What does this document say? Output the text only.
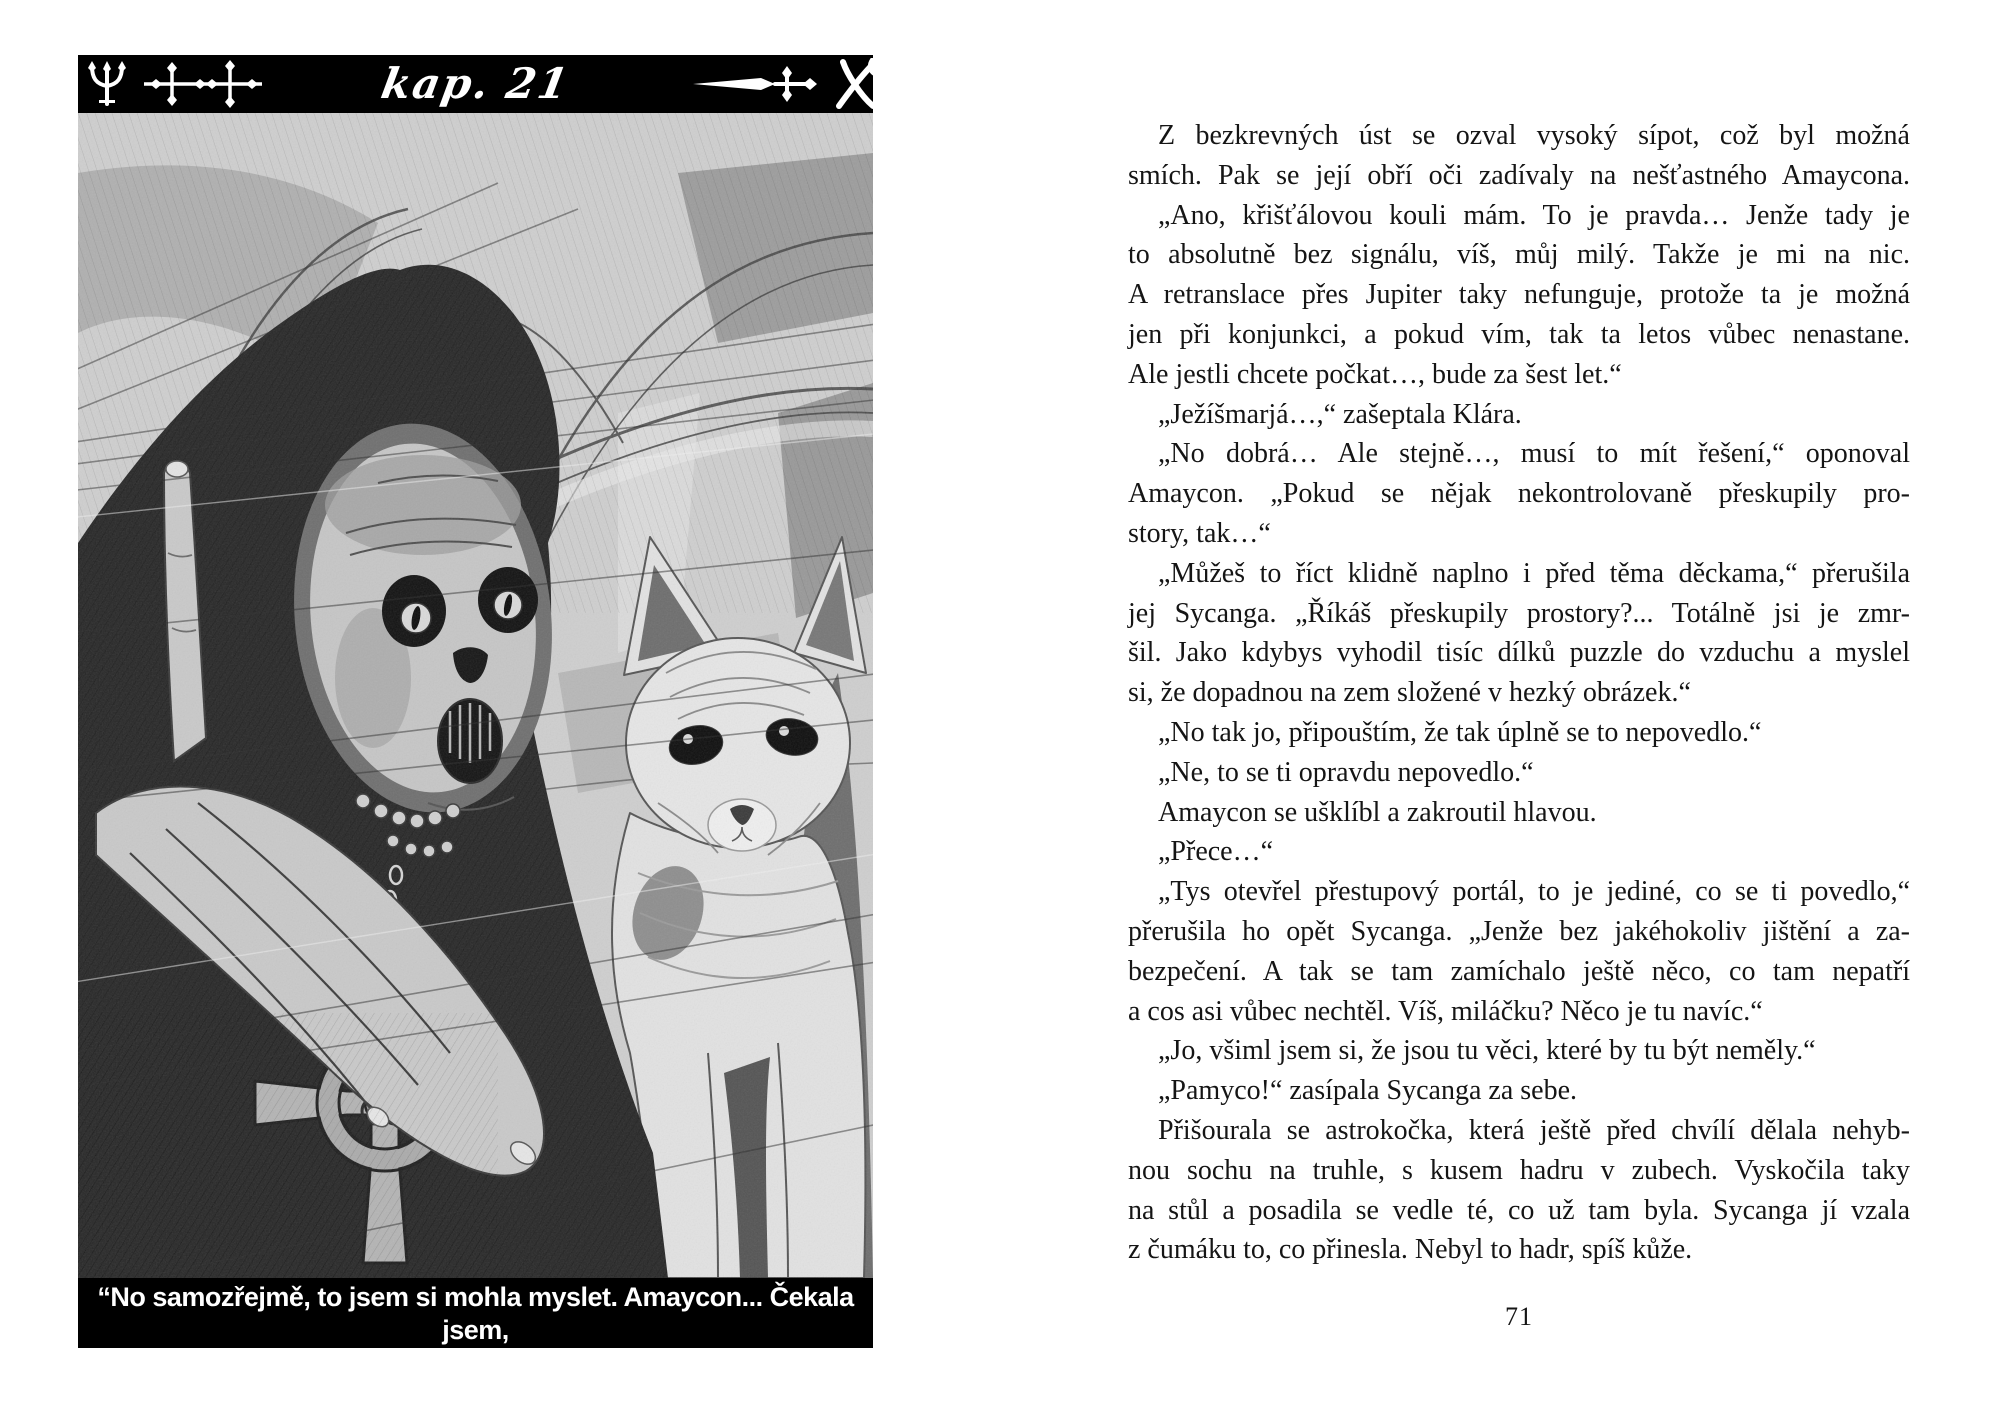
kap. 21
“No samozřejmě, to jsem si mohla myslet. Amaycon... Čekala jsem,
kdy se objevíš.”
Z bezkrevných úst se ozval vysoký sípot, což byl možná
smích. Pak se její obří oči zadívaly na nešťastného Amaycona.
„Ano, křišťálovou kouli mám. To je pravda… Jenže tady je
to absolutně bez signálu, víš, můj milý. Takže je mi na nic.
A retranslace přes Jupiter taky nefunguje, protože ta je možná
jen při konjunkci, a pokud vím, tak ta letos vůbec nenastane.
Ale jestli chcete počkat…, bude za šest let.“
„Ježíšmarjá…,“ zašeptala Klára.
„No dobrá… Ale stejně…, musí to mít řešení,“ oponoval
Amaycon. „Pokud se nějak nekontrolovaně přeskupily pro-
story, tak…“
„Můžeš to říct klidně naplno i před těma děckama,“ přerušila
jej Sycanga. „Říkáš přeskupily prostory?... Totálně jsi je zmr-
šil. Jako kdybys vyhodil tisíc dílků puzzle do vzduchu a myslel
si, že dopadnou na zem složené v hezký obrázek.“
„No tak jo, připouštím, že tak úplně se to nepovedlo.“
„Ne, to se ti opravdu nepovedlo.“
Amaycon se ušklíbl a zakroutil hlavou.
„Přece…“
„Tys otevřel přestupový portál, to je jediné, co se ti povedlo,“
přerušila ho opět Sycanga. „Jenže bez jakéhokoliv jištění a za-
bezpečení. A tak se tam zamíchalo ještě něco, co tam nepatří
a cos asi vůbec nechtěl. Víš, miláčku? Něco je tu navíc.“
„Jo, všiml jsem si, že jsou tu věci, které by tu být neměly.“
„Pamyco!“ zasípala Sycanga za sebe.
Přišourala se astrokočka, která ještě před chvílí dělala nehyb-
nou sochu na truhle, s kusem hadru v zubech. Vyskočila taky
na stůl a posadila se vedle té, co už tam byla. Sycanga jí vzala
z čumáku to, co přinesla. Nebyl to hadr, spíš kůže.
71
